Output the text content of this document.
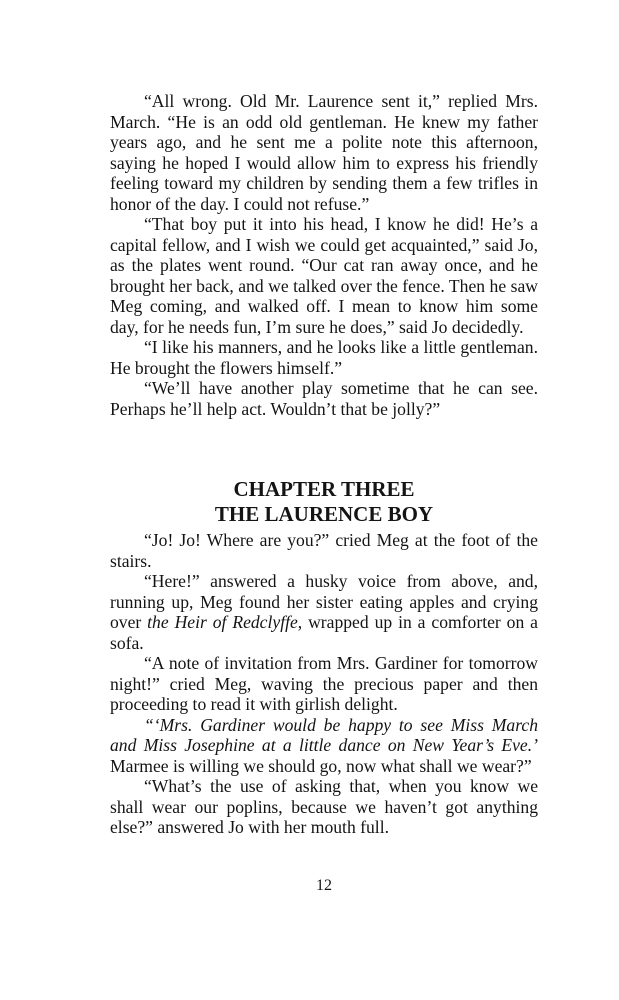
“All wrong. Old Mr. Laurence sent it,” replied Mrs. March. “He is an odd old gentleman. He knew my father years ago, and he sent me a polite note this afternoon, saying he hoped I would allow him to express his friendly feeling toward my children by sending them a few trifles in honor of the day. I could not refuse.”

“That boy put it into his head, I know he did! He’s a capital fellow, and I wish we could get acquainted,” said Jo, as the plates went round. “Our cat ran away once, and he brought her back, and we talked over the fence. Then he saw Meg coming, and walked off. I mean to know him some day, for he needs fun, I’m sure he does,” said Jo decidedly.

“I like his manners, and he looks like a little gentleman. He brought the flowers himself.”

“We’ll have another play sometime that he can see. Perhaps he’ll help act. Wouldn’t that be jolly?”

CHAPTER THREE
THE LAURENCE BOY

“Jo! Jo! Where are you?” cried Meg at the foot of the stairs.

“Here!” answered a husky voice from above, and, running up, Meg found her sister eating apples and crying over the Heir of Redclyffe, wrapped up in a comforter on a sofa.

“A note of invitation from Mrs. Gardiner for tomorrow night!” cried Meg, waving the precious paper and then proceeding to read it with girlish delight.

“‘Mrs. Gardiner would be happy to see Miss March and Miss Josephine at a little dance on New Year’s Eve.’ Marmee is willing we should go, now what shall we wear?”

“What’s the use of asking that, when you know we shall wear our poplins, because we haven’t got anything else?” answered Jo with her mouth full.

12
